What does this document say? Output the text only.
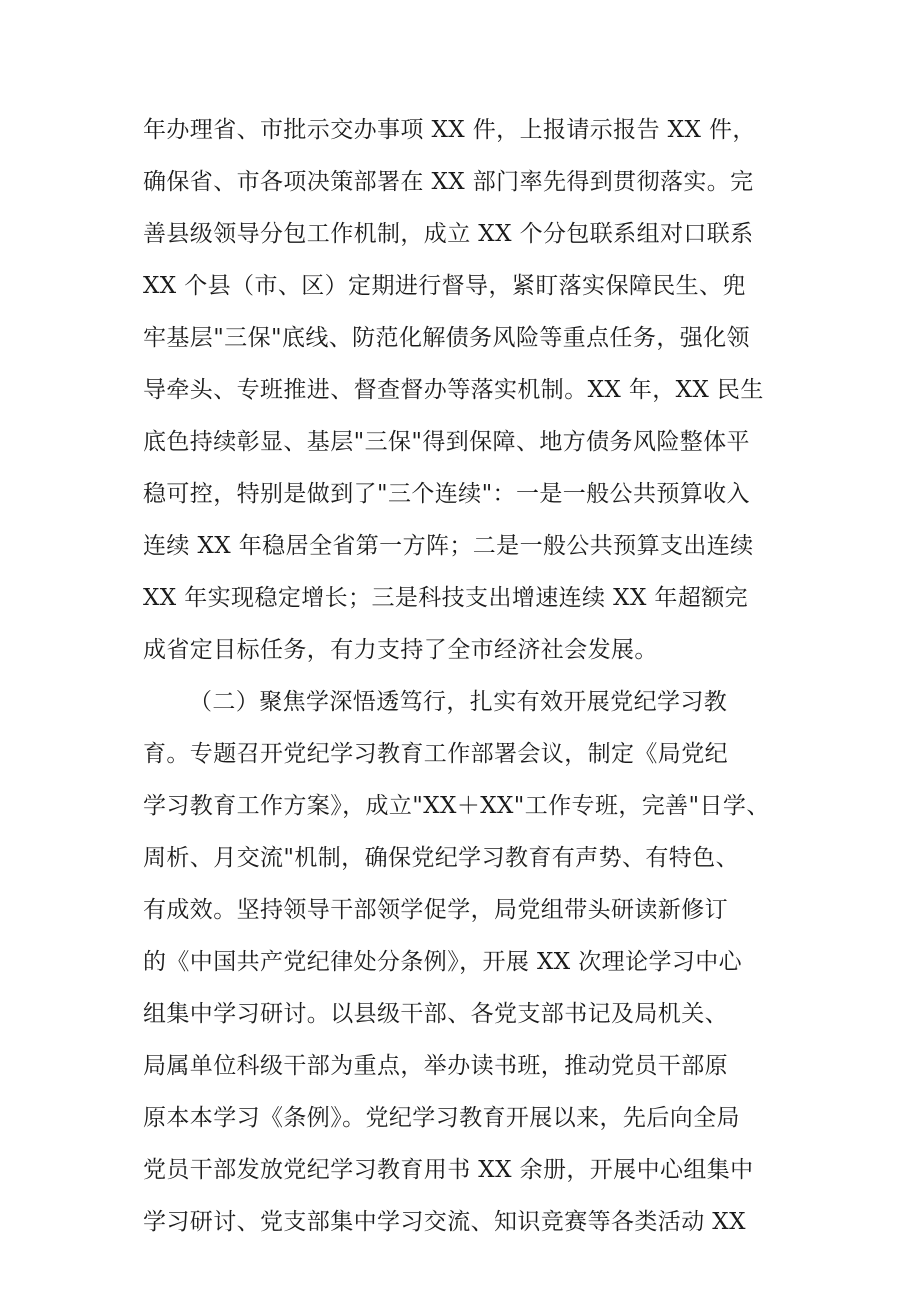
年办理省、市批示交办事项 XX 件，上报请示报告 XX 件，
确保省、市各项决策部署在 XX 部门率先得到贯彻落实。完
善县级领导分包工作机制，成立 XX 个分包联系组对口联系
XX 个县（市、区）定期进行督导，紧盯落实保障民生、兜
牢基层"三保"底线、防范化解债务风险等重点任务，强化领
导牵头、专班推进、督查督办等落实机制。XX 年，XX 民生
底色持续彰显、基层"三保"得到保障、地方债务风险整体平
稳可控，特别是做到了"三个连续"：一是一般公共预算收入
连续 XX 年稳居全省第一方阵；二是一般公共预算支出连续
XX 年实现稳定增长；三是科技支出增速连续 XX 年超额完
成省定目标任务，有力支持了全市经济社会发展。
（二）聚焦学深悟透笃行，扎实有效开展党纪学习教
育。专题召开党纪学习教育工作部署会议，制定《局党纪
学习教育工作方案》，成立"XX＋XX"工作专班，完善"日学、
周析、月交流"机制，确保党纪学习教育有声势、有特色、
有成效。坚持领导干部领学促学，局党组带头研读新修订
的《中国共产党纪律处分条例》，开展 XX 次理论学习中心
组集中学习研讨。以县级干部、各党支部书记及局机关、
局属单位科级干部为重点，举办读书班，推动党员干部原
原本本学习《条例》。党纪学习教育开展以来，先后向全局
党员干部发放党纪学习教育用书 XX 余册，开展中心组集中
学习研讨、党支部集中学习交流、知识竞赛等各类活动 XX
